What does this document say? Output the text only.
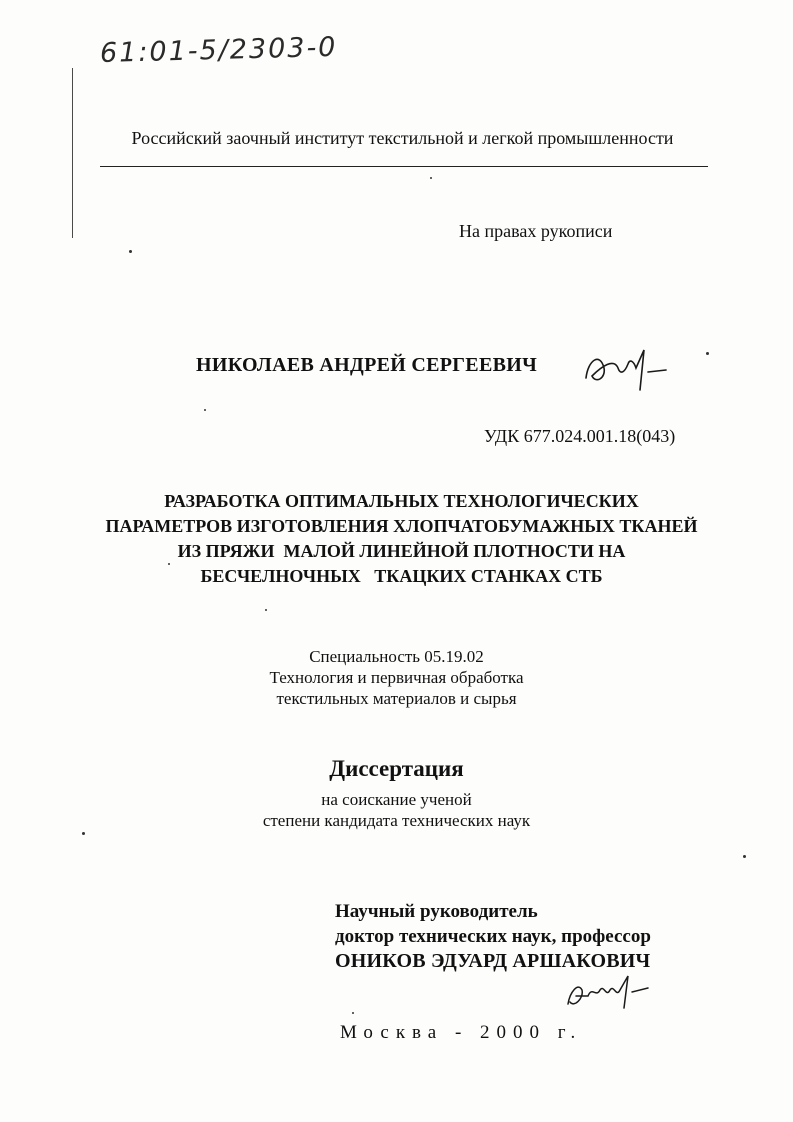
61:01-5/2303-0
Российский заочный институт текстильной и легкой промышленности
На правах рукописи
НИКОЛАЕВ АНДРЕЙ СЕРГЕЕВИЧ
УДК 677.024.001.18(043)
РАЗРАБОТКА ОПТИМАЛЬНЫХ ТЕХНОЛОГИЧЕСКИХ
ПАРАМЕТРОВ ИЗГОТОВЛЕНИЯ ХЛОПЧАТОБУМАЖНЫХ ТКАНЕЙ
ИЗ ПРЯЖИ  МАЛОЙ ЛИНЕЙНОЙ ПЛОТНОСТИ НА
БЕСЧЕЛНОЧНЫХ   ТКАЦКИХ СТАНКАХ СТБ
Специальность 05.19.02
Технология и первичная обработка
текстильных материалов и сырья
Диссертация
на соискание ученой
степени кандидата технических наук
Научный руководитель
доктор технических наук, профессор
ОНИКОВ ЭДУАРД АРШАКОВИЧ
Москва - 2000 г.
